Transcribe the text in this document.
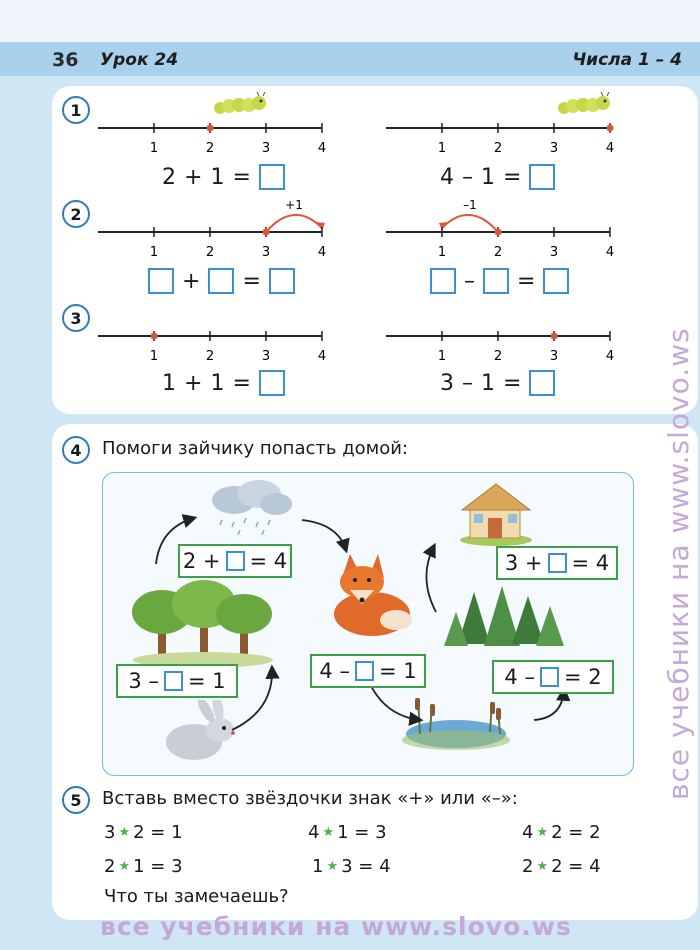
36 Урок 24	Числа 1 – 4
1
1	2	3	4	1	2	3	4
2 + 1 =	4 – 1 =
2	+1
1	2	3	4
–1
1	2	3	4
+ =	– =
3
1	2	3	4	1	2	3	4
1 + 1 =	3 – 1 =
4	Помоги зайчику попасть домой:
3 – = 1
2 + = 4
4 – = 1	4 – = 2
3 + = 4
5	Вставь вместо звёздочки знак «+» или «–»:
3 ★ 2 = 1	4 ★ 1 = 3	4 ★ 2 = 2
2 ★ 1 = 3	1 ★ 3 = 4	2 ★ 2 = 4
Что ты замечаешь?
все учебники на www.slovo.ws
все учебники на www.slovo.ws
